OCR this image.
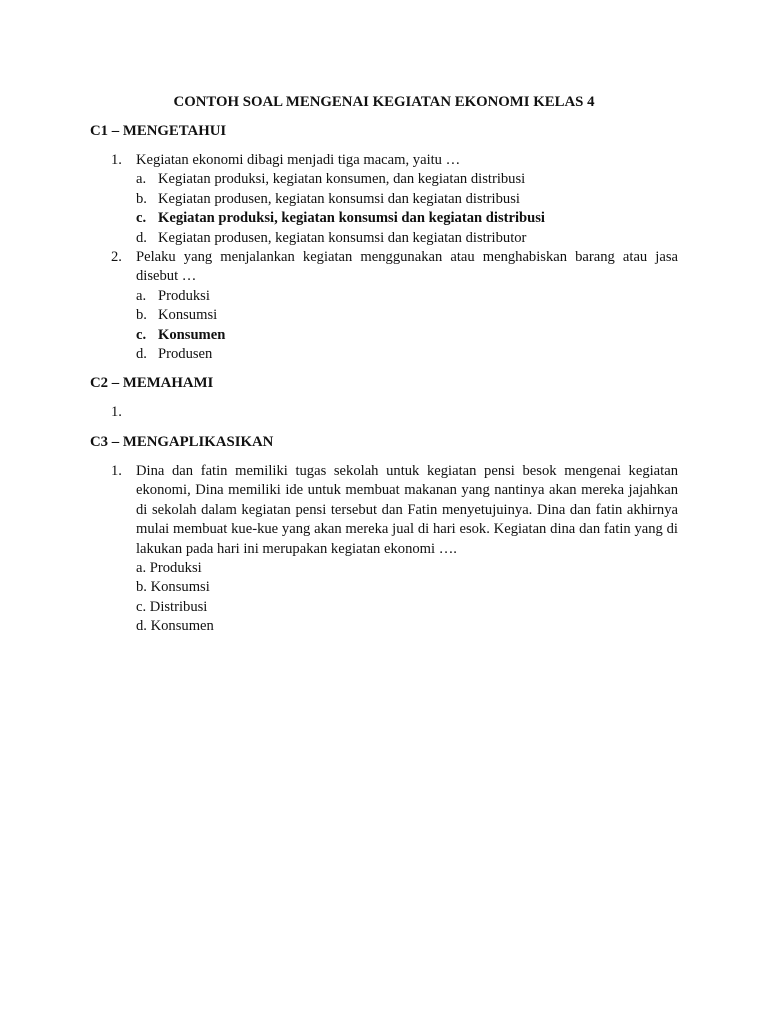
CONTOH SOAL MENGENAI KEGIATAN EKONOMI KELAS 4
C1 – MENGETAHUI
1. Kegiatan ekonomi dibagi menjadi tiga macam, yaitu …
a. Kegiatan produksi, kegiatan konsumen, dan kegiatan distribusi
b. Kegiatan produsen, kegiatan konsumsi dan kegiatan distribusi
c. Kegiatan produksi, kegiatan konsumsi dan kegiatan distribusi
d. Kegiatan produsen, kegiatan konsumsi dan kegiatan distributor
2. Pelaku yang menjalankan kegiatan menggunakan atau menghabiskan barang atau jasa disebut …
a. Produksi
b. Konsumsi
c. Konsumen
d. Produsen
C2 – MEMAHAMI
1.

C3 – MENGAPLIKASIKAN
1. Dina dan fatin memiliki tugas sekolah untuk kegiatan pensi besok mengenai kegiatan ekonomi, Dina memiliki ide untuk membuat makanan yang nantinya akan mereka jajahkan di sekolah dalam kegiatan pensi tersebut dan Fatin menyetujuinya. Dina dan fatin akhirnya mulai membuat kue-kue yang akan mereka jual di hari esok. Kegiatan dina dan fatin yang di lakukan pada hari ini merupakan kegiatan ekonomi ….
a. Produksi
b. Konsumsi
c. Distribusi
d. Konsumen
